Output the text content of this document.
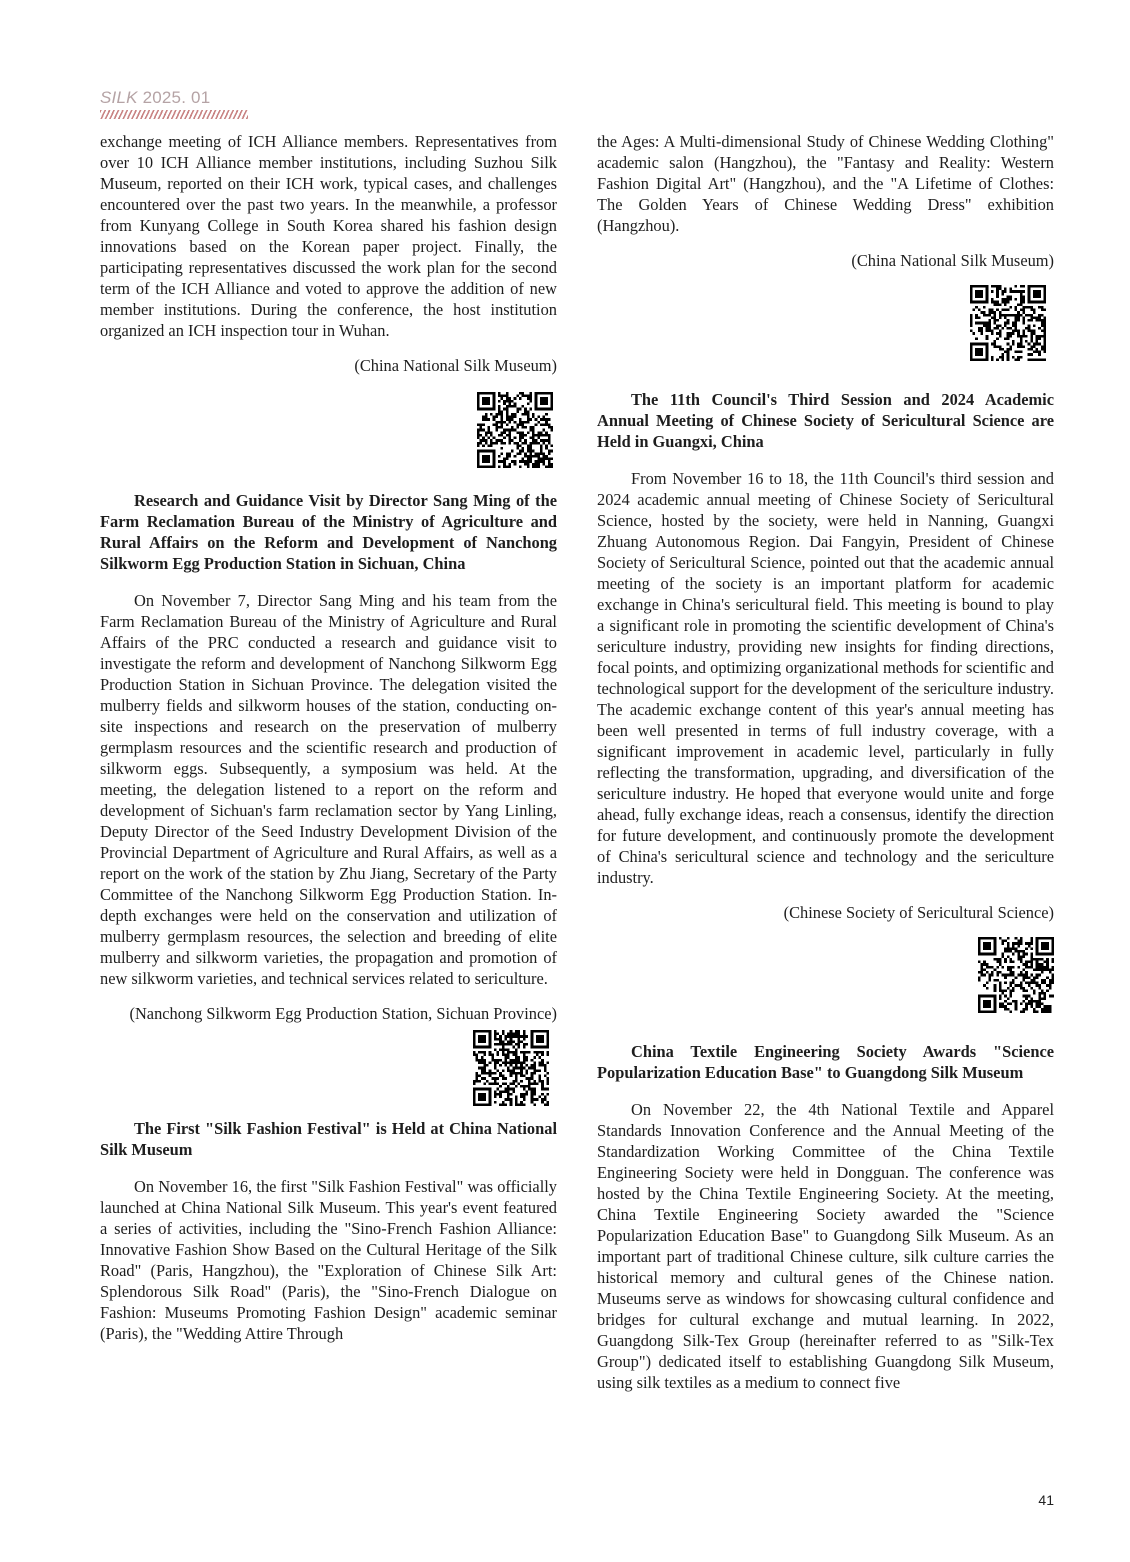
SILK 2025. 01

exchange meeting of ICH Alliance members. Representatives from over 10 ICH Alliance member institutions, including Suzhou Silk Museum, reported on their ICH work, typical cases, and challenges encountered over the past two years. In the meanwhile, a professor from Kunyang College in South Korea shared his fashion design innovations based on the Korean paper project. Finally, the participating representatives discussed the work plan for the second term of the ICH Alliance and voted to approve the addition of new member institutions. During the conference, the host institution organized an ICH inspection tour in Wuhan.

(China National Silk Museum)

Research and Guidance Visit by Director Sang Ming of the Farm Reclamation Bureau of the Ministry of Agriculture and Rural Affairs on the Reform and Development of Nanchong Silkworm Egg Production Station in Sichuan, China

On November 7, Director Sang Ming and his team from the Farm Reclamation Bureau of the Ministry of Agriculture and Rural Affairs of the PRC conducted a research and guidance visit to investigate the reform and development of Nanchong Silkworm Egg Production Station in Sichuan Province. The delegation visited the mulberry fields and silkworm houses of the station, conducting on-site inspections and research on the preservation of mulberry germplasm resources and the scientific research and production of silkworm eggs. Subsequently, a symposium was held. At the meeting, the delegation listened to a report on the reform and development of Sichuan's farm reclamation sector by Yang Linling, Deputy Director of the Seed Industry Development Division of the Provincial Department of Agriculture and Rural Affairs, as well as a report on the work of the station by Zhu Jiang, Secretary of the Party Committee of the Nanchong Silkworm Egg Production Station. In-depth exchanges were held on the conservation and utilization of mulberry germplasm resources, the selection and breeding of elite mulberry and silkworm varieties, the propagation and promotion of new silkworm varieties, and technical services related to sericulture.

(Nanchong Silkworm Egg Production Station, Sichuan Province)

The First "Silk Fashion Festival" is Held at China National Silk Museum

On November 16, the first "Silk Fashion Festival" was officially launched at China National Silk Museum. This year's event featured a series of activities, including the "Sino-French Fashion Alliance: Innovative Fashion Show Based on the Cultural Heritage of the Silk Road" (Paris, Hangzhou), the "Exploration of Chinese Silk Art: Splendorous Silk Road" (Paris), the "Sino-French Dialogue on Fashion: Museums Promoting Fashion Design" academic seminar (Paris), the "Wedding Attire Through

the Ages: A Multi-dimensional Study of Chinese Wedding Clothing" academic salon (Hangzhou), the "Fantasy and Reality: Western Fashion Digital Art" (Hangzhou), and the "A Lifetime of Clothes: The Golden Years of Chinese Wedding Dress" exhibition (Hangzhou).

(China National Silk Museum)

The 11th Council's Third Session and 2024 Academic Annual Meeting of Chinese Society of Sericultural Science are Held in Guangxi, China

From November 16 to 18, the 11th Council's third session and 2024 academic annual meeting of Chinese Society of Sericultural Science, hosted by the society, were held in Nanning, Guangxi Zhuang Autonomous Region. Dai Fangyin, President of Chinese Society of Sericultural Science, pointed out that the academic annual meeting of the society is an important platform for academic exchange in China's sericultural field. This meeting is bound to play a significant role in promoting the scientific development of China's sericulture industry, providing new insights for finding directions, focal points, and optimizing organizational methods for scientific and technological support for the development of the sericulture industry. The academic exchange content of this year's annual meeting has been well presented in terms of full industry coverage, with a significant improvement in academic level, particularly in fully reflecting the transformation, upgrading, and diversification of the sericulture industry. He hoped that everyone would unite and forge ahead, fully exchange ideas, reach a consensus, identify the direction for future development, and continuously promote the development of China's sericultural science and technology and the sericulture industry.

(Chinese Society of Sericultural Science)

China Textile Engineering Society Awards "Science Popularization Education Base" to Guangdong Silk Museum

On November 22, the 4th National Textile and Apparel Standards Innovation Conference and the Annual Meeting of the Standardization Working Committee of the China Textile Engineering Society were held in Dongguan. The conference was hosted by the China Textile Engineering Society. At the meeting, China Textile Engineering Society awarded the "Science Popularization Education Base" to Guangdong Silk Museum. As an important part of traditional Chinese culture, silk culture carries the historical memory and cultural genes of the Chinese nation. Museums serve as windows for showcasing cultural confidence and bridges for cultural exchange and mutual learning. In 2022, Guangdong Silk-Tex Group (hereinafter referred to as "Silk-Tex Group") dedicated itself to establishing Guangdong Silk Museum, using silk textiles as a medium to connect five

41
